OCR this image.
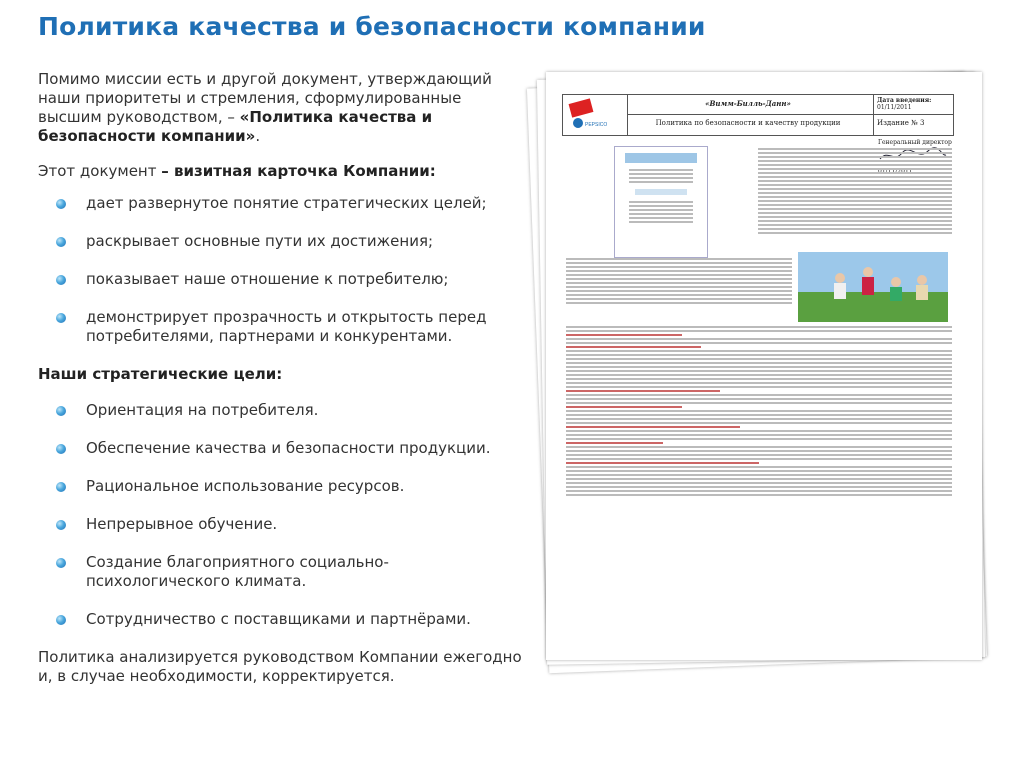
Политика качества и безопасности компании

Помимо миссии есть и другой документ, утверждающий наши приоритеты и стремления, сформулированные высшим руководством, – «Политика качества и безопасности компании».

Этот документ – визитная карточка Компании:

дает развернутое понятие стратегических целей;
раскрывает основные пути их достижения;
показывает наше отношение к потребителю;
демонстрирует прозрачность и открытость перед потребителями, партнерами и конкурентами.

Наши стратегические цели:

Ориентация на потребителя.
Обеспечение качества и безопасности продукции.
Рациональное использование ресурсов.
Непрерывное обучение.
Создание благоприятного социально-психологического климата.
Сотрудничество с поставщиками и партнёрами.

Политика анализируется руководством Компании ежегодно и, в случае необходимости, корректируется.

PEPSICO
«Вимм-Билль-Данн»
Политика по безопасности и качеству продукции
Дата введения:
01/11/2011
Издание № 3
Генеральный директор
